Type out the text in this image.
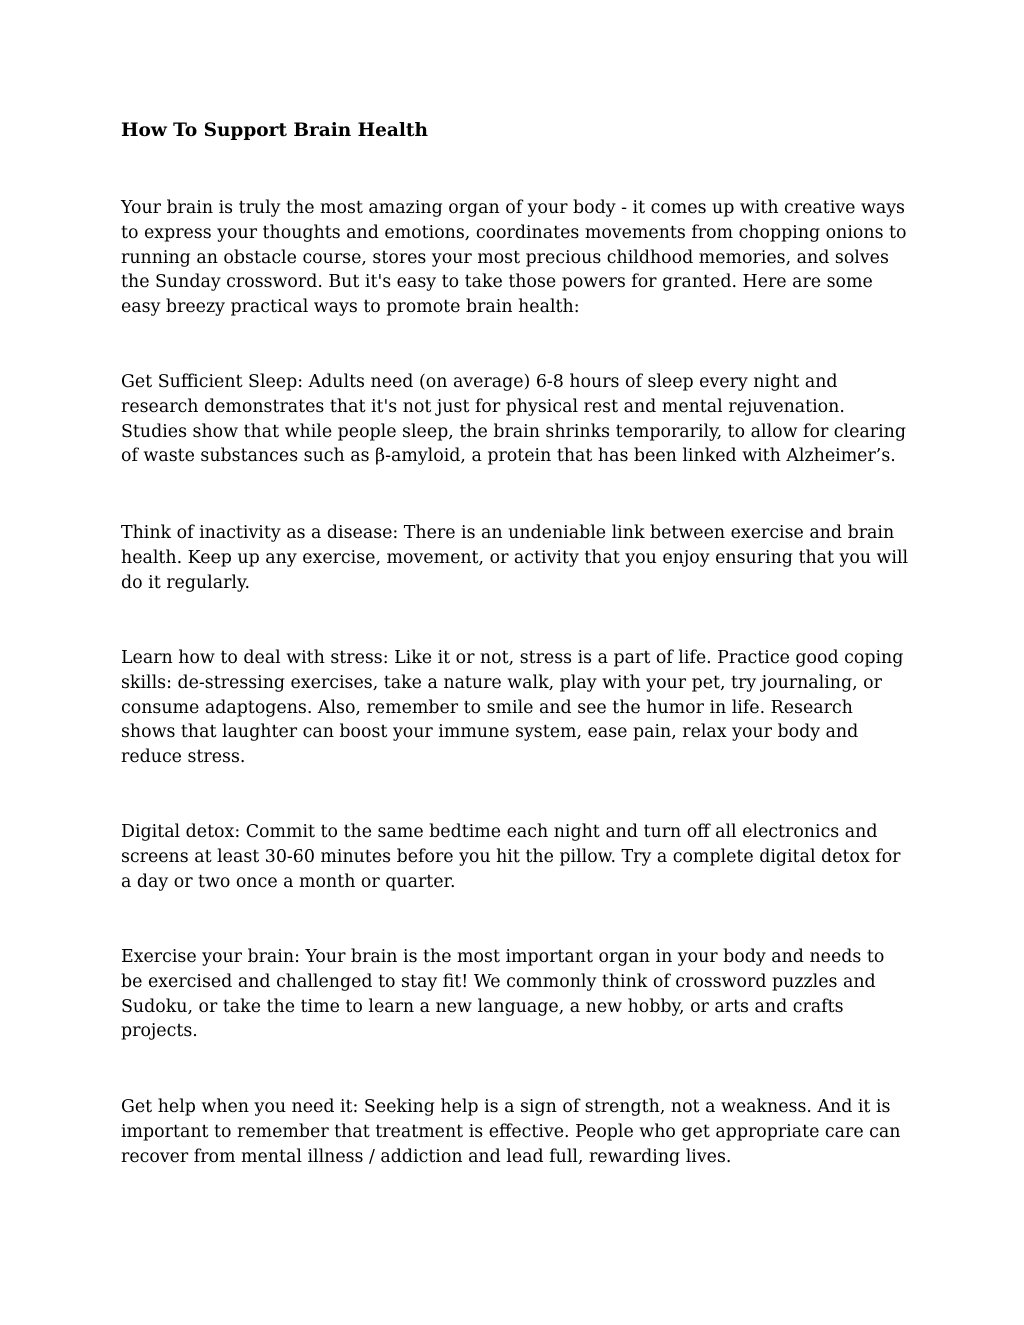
How To Support Brain Health

Your brain is truly the most amazing organ of your body - it comes up with creative ways to express your thoughts and emotions, coordinates movements from chopping onions to running an obstacle course, stores your most precious childhood memories, and solves the Sunday crossword. But it's easy to take those powers for granted. Here are some easy breezy practical ways to promote brain health:

Get Sufficient Sleep: Adults need (on average) 6-8 hours of sleep every night and research demonstrates that it's not just for physical rest and mental rejuvenation. Studies show that while people sleep, the brain shrinks temporarily, to allow for clearing of waste substances such as β-amyloid, a protein that has been linked with Alzheimer’s.

Think of inactivity as a disease: There is an undeniable link between exercise and brain health. Keep up any exercise, movement, or activity that you enjoy ensuring that you will do it regularly.

Learn how to deal with stress: Like it or not, stress is a part of life. Practice good coping skills: de-stressing exercises, take a nature walk, play with your pet, try journaling, or consume adaptogens. Also, remember to smile and see the humor in life. Research shows that laughter can boost your immune system, ease pain, relax your body and reduce stress.

Digital detox: Commit to the same bedtime each night and turn off all electronics and screens at least 30-60 minutes before you hit the pillow. Try a complete digital detox for a day or two once a month or quarter.

Exercise your brain: Your brain is the most important organ in your body and needs to be exercised and challenged to stay fit! We commonly think of crossword puzzles and Sudoku, or take the time to learn a new language, a new hobby, or arts and crafts projects.

Get help when you need it: Seeking help is a sign of strength, not a weakness. And it is important to remember that treatment is effective. People who get appropriate care can recover from mental illness / addiction and lead full, rewarding lives.
